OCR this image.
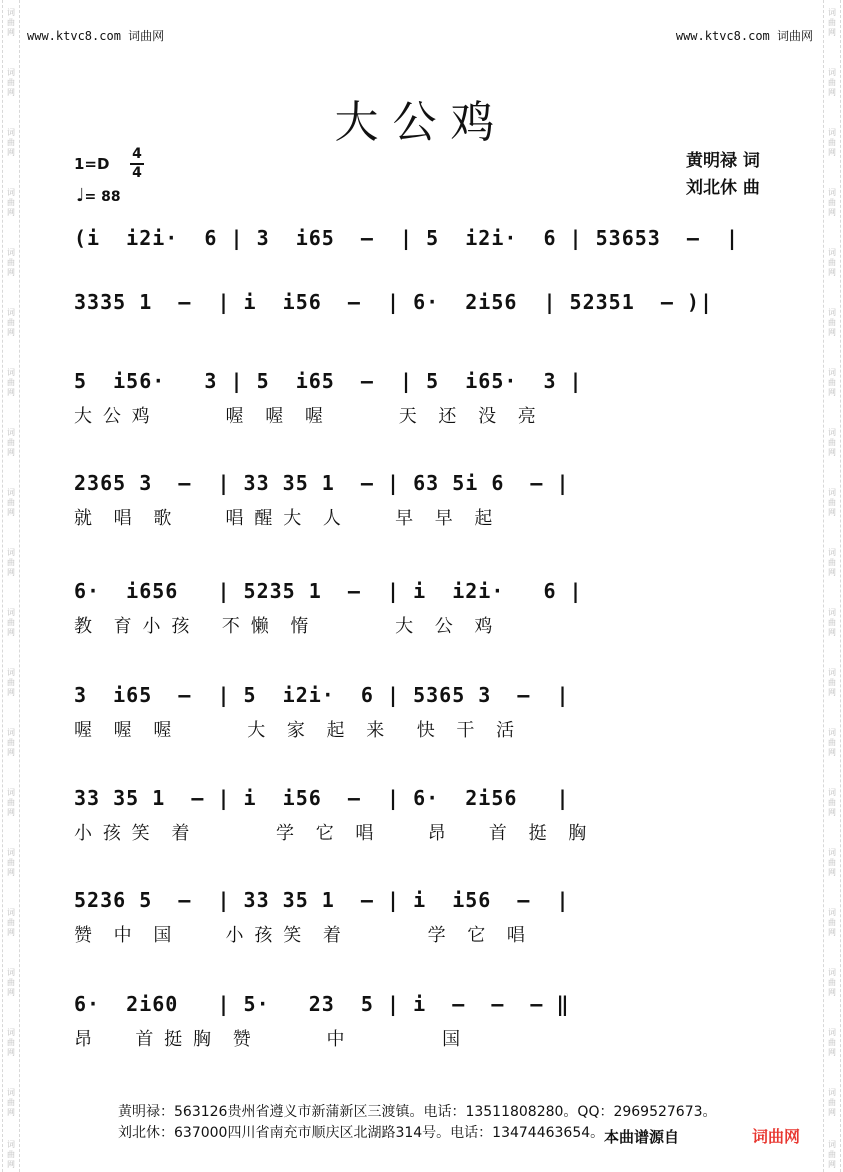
词曲网
词曲网
词曲网
词曲网
词曲网
词曲网
词曲网
词曲网
词曲网
词曲网
词曲网
词曲网
词曲网
词曲网
词曲网
词曲网
词曲网
词曲网
词曲网
词曲网
词曲网
词曲网
词曲网
词曲网
词曲网
词曲网
词曲网
词曲网
词曲网
词曲网
词曲网
词曲网
词曲网
词曲网
词曲网
词曲网
词曲网
词曲网
词曲网
词曲网
www.ktvc8.com 词曲网	www.ktvc8.com 词曲网
大公鸡
1=D
4
4
♩= 88
黄明禄 词
刘北休 曲
(i  i2i·  6 | 3  i65  —  | 5  i2i·  6 | 53653  —  |
3335 1  —  | i  i56  —  | 6·  2i56  | 52351  — )|
5  i56·   3 | 5  i65  —  | 5  i65·  3 |
大 公 鸡       喔  喔  喔       天  还  没  亮
2365 3  —  | 33 35 1  — | 63 5i 6  — |
就  唱  歌     唱 醒 大  人     早  早  起
6·  i656   | 5235 1  —  | i  i2i·   6 |
教  育 小 孩   不 懒  惰        大  公  鸡
3  i65  —  | 5  i2i·  6 | 5365 3  —  |
喔  喔  喔       大  家  起  来   快  干  活
33 35 1  — | i  i56  —  | 6·  2i56   |
小 孩 笑  着        学  它  唱     昂    首  挺  胸
5236 5  —  | 33 35 1  — | i  i56  —  |
赞  中  国     小 孩 笑  着        学  它  唱
6·  2i60   | 5·   23  5 | i  —  —  — ‖
昂    首 挺 胸  赞       中         国
黄明禄：563126贵州省遵义市新蒲新区三渡镇。电话：13511808280。QQ：2969527673。
刘北休：637000四川省南充市顺庆区北湖路314号。电话：13474463654。 本曲谱源自	词曲网
